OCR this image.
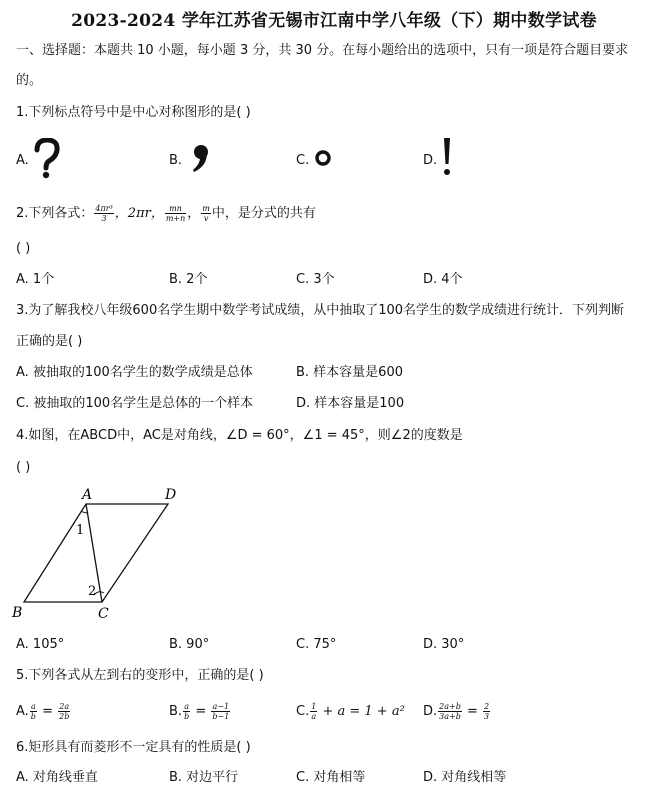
2023-2024 学年江苏省无锡市江南中学八年级（下）期中数学试卷
一、选择题：本题共 10 小题，每小题 3 分，共 30 分。在每小题给出的选项中，只有一项是符合题目要求
的。
1.下列标点符号中是中心对称图形的是( )
A.	B.	C.	D.
2.下列各式： $\frac{\text{4πr³}}{3}$ ，2πr， $\frac{mn}{m+n}$ ， $\frac{m}{v}$ 中，是分式的共有
( )
A. 1个	B. 2个	C. 3个	D. 4个
3.为了解我校八年级600名学生期中数学考试成绩，从中抽取了100名学生的数学成绩进行统计．下列判断
正确的是( )
A. 被抽取的100名学生的数学成绩是总体	B. 样本容量是600
C. 被抽取的100名学生是总体的一个样本	D. 样本容量是100
4.如图，在ABCD中，AC是对角线，∠D = 60°，∠1 = 45°，则∠2的度数是
( )
A	D
B	C
1
2
A. 105°	B. 90°	C. 75°	D. 30°
5.下列各式从左到右的变形中，正确的是( )
A. $\frac{a}{b} = \frac{2a}{2b}$	B. $\frac{a}{b} = \frac{a-1}{b-1}$	C. $\frac{1}{a} + a = 1 + a^2$ D. $\frac{2a+b}{3a+b} = \frac{2}{3}$
6.矩形具有而菱形不一定具有的性质是( )
A. 对角线垂直	B. 对边平行	C. 对角相等	D. 对角线相等
